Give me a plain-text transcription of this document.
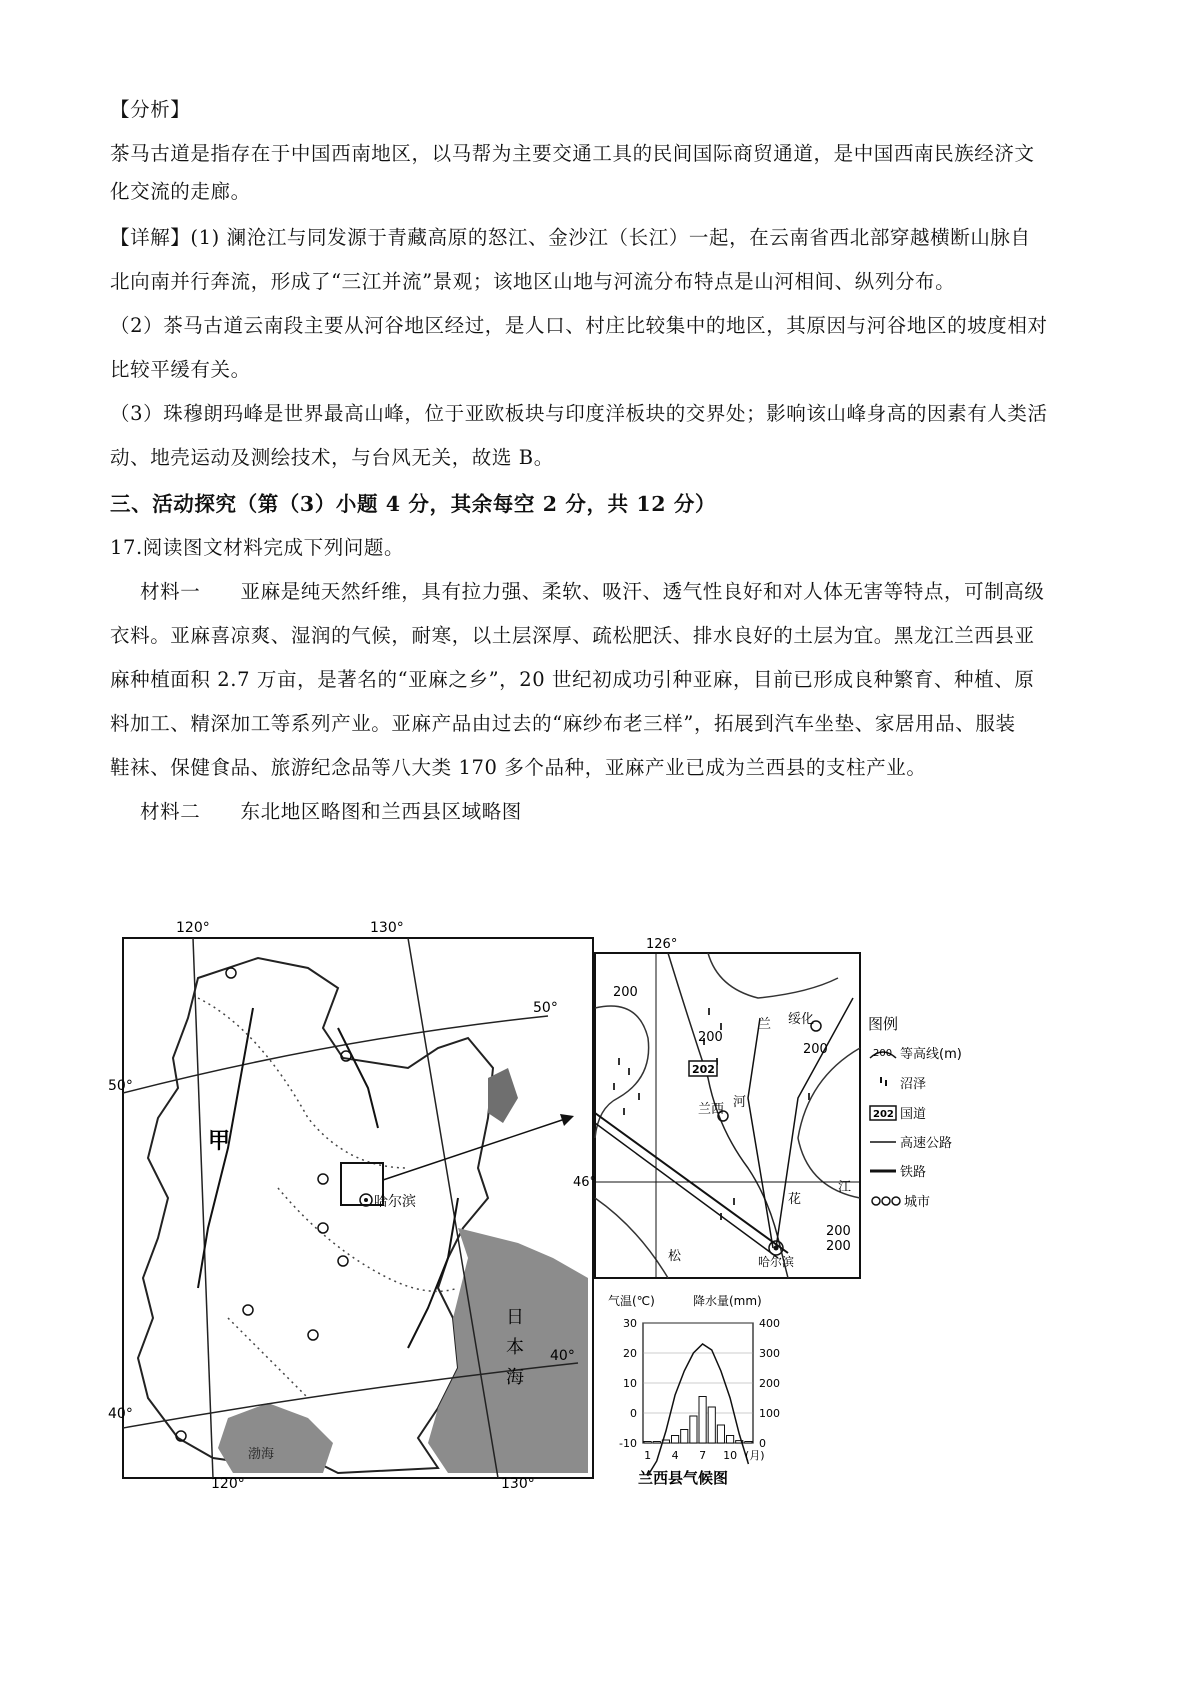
【分析】
茶马古道是指存在于中国西南地区，以马帮为主要交通工具的民间国际商贸通道，是中国西南民族经济文
化交流的走廊。
【详解】(1) 澜沧江与同发源于青藏高原的怒江、金沙江（长江）一起，在云南省西北部穿越横断山脉自
北向南并行奔流，形成了“三江并流”景观；该地区山地与河流分布特点是山河相间、纵列分布。
（2）茶马古道云南段主要从河谷地区经过，是人口、村庄比较集中的地区，其原因与河谷地区的坡度相对
比较平缓有关。
（3）珠穆朗玛峰是世界最高山峰，位于亚欧板块与印度洋板块的交界处；影响该山峰身高的因素有人类活
动、地壳运动及测绘技术，与台风无关，故选 B。
三、活动探究（第（3）小题 4 分，其余每空 2 分，共 12 分）
17.阅读图文材料完成下列问题。
材料一　　亚麻是纯天然纤维，具有拉力强、柔软、吸汗、透气性良好和对人体无害等特点，可制高级
衣料。亚麻喜凉爽、湿润的气候，耐寒，以土层深厚、疏松肥沃、排水良好的土层为宜。黑龙江兰西县亚
麻种植面积 2.7 万亩，是著名的“亚麻之乡”，20 世纪初成功引种亚麻，目前已形成良种繁育、种植、原
料加工、精深加工等系列产业。亚麻产品由过去的“麻纱布老三样”，拓展到汽车坐垫、家居用品、服装
鞋袜、保健食品、旅游纪念品等八大类 170 多个品种，亚麻产业已成为兰西县的支柱产业。
材料二　　东北地区略图和兰西县区域略图
120°	130°
120°	130°
50°
50°
40°
40°
甲
哈尔滨
渤海
日
本
海
202
126°
46°
200
200
200
200
200
兰西
绥化
河
兰
花
江
松	哈尔滨
图例
200 等高线(m)
沼泽
202 国道
高速公路
铁路
城市
气温(℃)	降水量(mm)
兰西县气候图
30
20
10
0
-10
400
300
200
100
0
1 4 7 10 (月)
